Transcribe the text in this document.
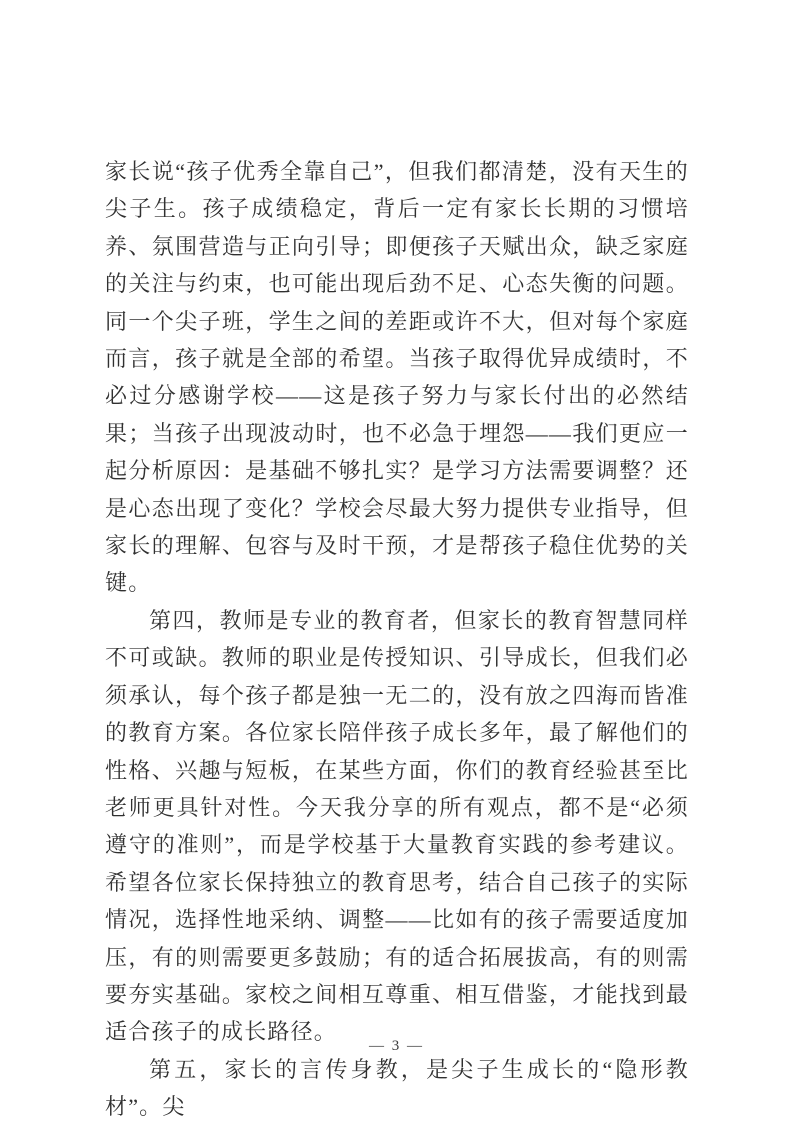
家长说“孩子优秀全靠自己”，但我们都清楚，没有天生的尖子生。孩子成绩稳定，背后一定有家长长期的习惯培养、氛围营造与正向引导；即便孩子天赋出众，缺乏家庭的关注与约束，也可能出现后劲不足、心态失衡的问题。同一个尖子班，学生之间的差距或许不大，但对每个家庭而言，孩子就是全部的希望。当孩子取得优异成绩时，不必过分感谢学校——这是孩子努力与家长付出的必然结果；当孩子出现波动时，也不必急于埋怨——我们更应一起分析原因：是基础不够扎实？是学习方法需要调整？还是心态出现了变化？学校会尽最大努力提供专业指导，但家长的理解、包容与及时干预，才是帮孩子稳住优势的关键。

第四，教师是专业的教育者，但家长的教育智慧同样不可或缺。教师的职业是传授知识、引导成长，但我们必须承认，每个孩子都是独一无二的，没有放之四海而皆准的教育方案。各位家长陪伴孩子成长多年，最了解他们的性格、兴趣与短板，在某些方面，你们的教育经验甚至比老师更具针对性。今天我分享的所有观点，都不是“必须遵守的准则”，而是学校基于大量教育实践的参考建议。希望各位家长保持独立的教育思考，结合自己孩子的实际情况，选择性地采纳、调整——比如有的孩子需要适度加压，有的则需要更多鼓励；有的适合拓展拔高，有的则需要夯实基础。家校之间相互尊重、相互借鉴，才能找到最适合孩子的成长路径。

第五，家长的言传身教，是尖子生成长的“隐形教材”。尖

— 3 —
